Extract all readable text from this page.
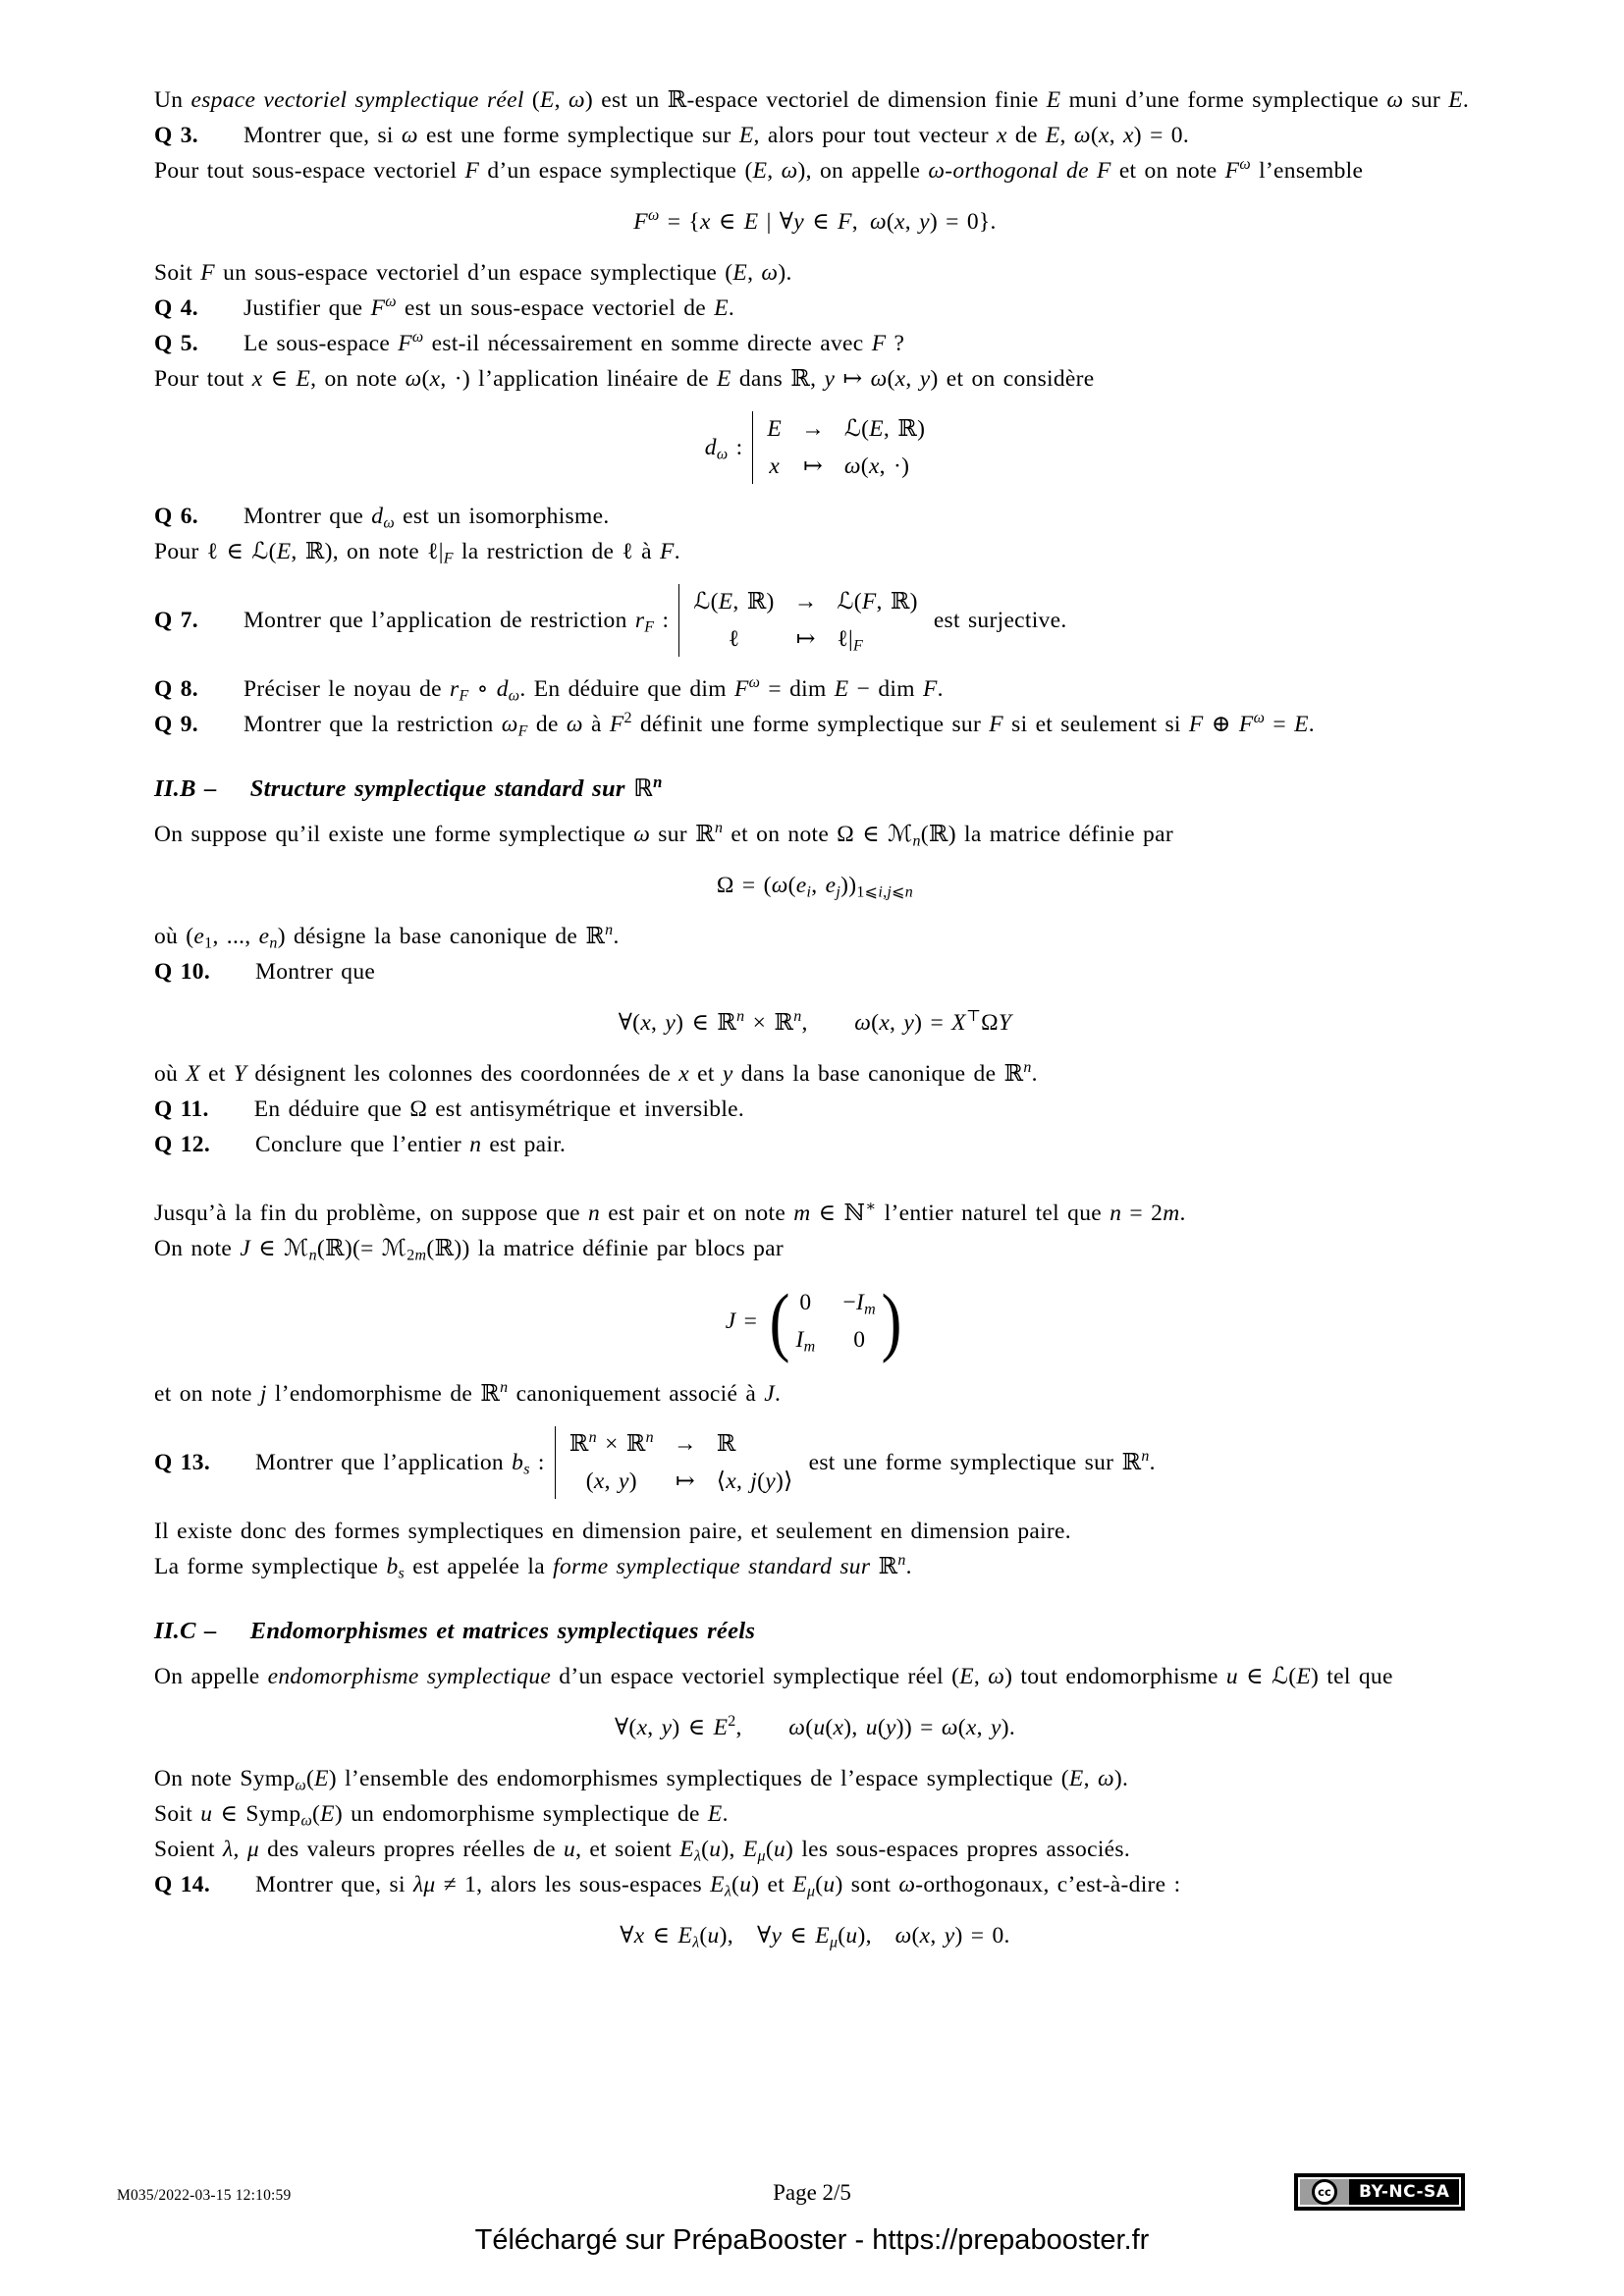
Un espace vectoriel symplectique réel (E, ω) est un ℝ-espace vectoriel de dimension finie E muni d’une forme symplectique ω sur E.

Q 3. Montrer que, si ω est une forme symplectique sur E, alors pour tout vecteur x de E, ω(x, x) = 0.

Pour tout sous-espace vectoriel F d’un espace symplectique (E, ω), on appelle ω-orthogonal de F et on note $F^\omega$ l’ensemble

$F^\omega = \{x$ ∈ E | ∀y ∈ F, ω(x, y) = 0}.

Soit F un sous-espace vectoriel d’un espace symplectique (E, ω).

Q 4. Justifier que $F^\omega$ est un sous-espace vectoriel de E.

Q 5. Le sous-espace $F^\omega$ est-il nécessairement en somme directe avec F ?

Pour tout x ∈ E, on note ω(x, ·) l’application linéaire de E dans ℝ, y ↦ ω(x, y) et on considère

$d_\omega$ :
E → ℒ(E, ℝ)
x ↦ ω(x, ·)

Q 6. Montrer que $d_\omega$ est un isomorphisme.

Pour ℓ ∈ ℒ(E, ℝ), on note $\ell|_F$ la restriction de ℓ à F.

Q 7. Montrer que l’application de restriction $r_F$ :
ℒ(E, ℝ) → ℒ(F, ℝ)
ℓ ↦ $\ell|_F$
est surjective.

Q 8. Préciser le noyau de $r_F$ ∘ $d_\omega$. En déduire que dim $F^\omega$ = dim E − dim F.

Q 9. Montrer que la restriction $\omega_F$ de ω à $F^2$ définit une forme symplectique sur F si et seulement si F ⊕ $F^\omega = E$.

II.B – Structure symplectique standard sur ℝ$^n$

On suppose qu’il existe une forme symplectique ω sur ℝ$^n$ et on note Ω ∈ ℳ$_n$(ℝ) la matrice définie par

$\Omega = (\omega(e_i$, $e_j))_{1⩽i,j⩽n}$

où ($e_1$, ..., $e_n$) désigne la base canonique de ℝ$^n$.

Q 10. Montrer que

∀(x, y) ∈ ℝ$^n$ × ℝ$^n$,  ω(x, y) = X⊤ΩY

où X et Y désignent les colonnes des coordonnées de x et y dans la base canonique de ℝ$^n$.

Q 11. En déduire que Ω est antisymétrique et inversible.

Q 12. Conclure que l’entier n est pair.

Jusqu’à la fin du problème, on suppose que n est pair et on note m ∈ ℕ∗ l’entier naturel tel que n = 2m.

On note J ∈ ℳ$_n$(ℝ)(= ℳ$_{2m}$(ℝ)) la matrice définie par blocs par

J = ( $0 -I_m$
$I_m$ 0 )

et on note j l’endomorphisme de ℝ$^n$ canoniquement associé à J.

Q 13. Montrer que l’application $b_s$ :
ℝ$^n$ × ℝ$^n$ → ℝ
(x, y) ↦ ⟨x, j(y)⟩
est une forme symplectique sur ℝ$^n$.

Il existe donc des formes symplectiques en dimension paire, et seulement en dimension paire.

La forme symplectique $b_s$ est appelée la forme symplectique standard sur ℝ$^n$.

II.C – Endomorphismes et matrices symplectiques réels

On appelle endomorphisme symplectique d’un espace vectoriel symplectique réel (E, ω) tout endomorphisme u ∈ ℒ(E) tel que

∀(x, y) ∈ $E^2$,  ω(u(x), u(y)) = ω(x, y).

On note Symp$_\omega$(E) l’ensemble des endomorphismes symplectiques de l’espace symplectique (E, ω).

Soit u ∈ Symp$_\omega$(E) un endomorphisme symplectique de E.

Soient λ, μ des valeurs propres réelles de u, et soient $E_\lambda(u)$, $E_\mu(u)$ les sous-espaces propres associés.

Q 14. Montrer que, si λμ ≠ 1, alors les sous-espaces $E_\lambda(u)$ et $E_\mu(u)$ sont ω-orthogonaux, c’est-à-dire :

∀x ∈ $E_\lambda(u)$,  ∀y ∈ $E_\mu(u)$, ω(x, y) = 0.
M035/2022-03-15 12:10:59	Page 2/5	cc	BY-NC-SA
Téléchargé sur PrépaBooster - https://prepabooster.fr
